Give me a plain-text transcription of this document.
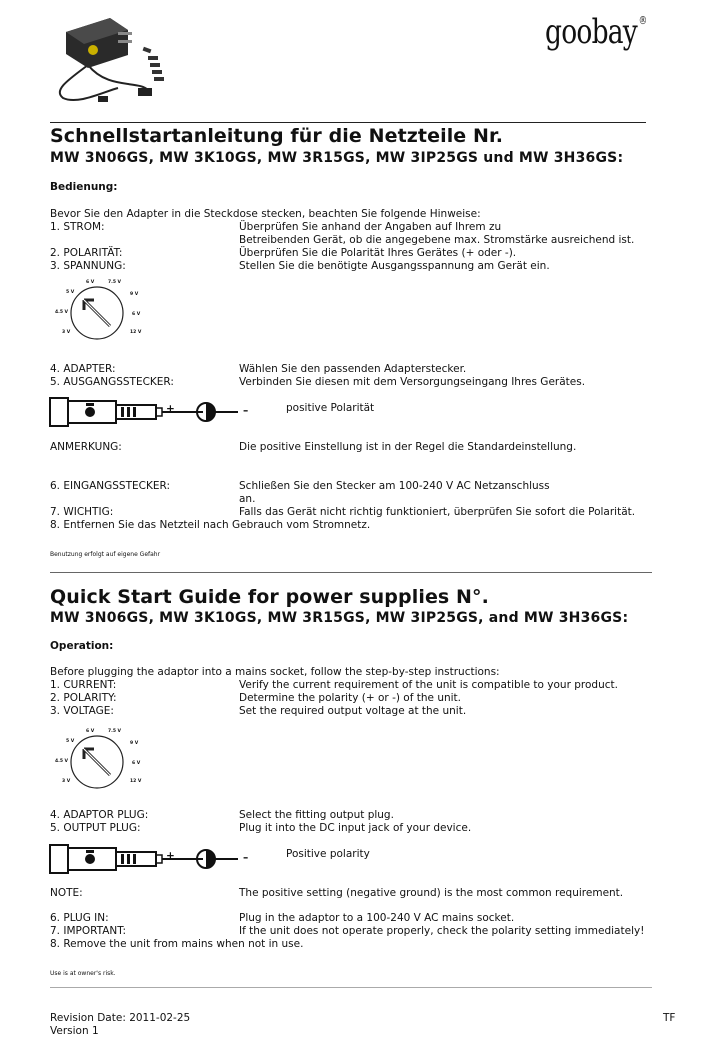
goobay ®
Schnellstartanleitung für die Netzteile Nr.
MW 3N06GS, MW 3K10GS, MW 3R15GS, MW 3IP25GS und MW 3H36GS:
Bedienung:
Bevor Sie den Adapter in die Steckdose stecken, beachten Sie folgende Hinweise:
1. STROM:	Überprüfen Sie anhand der Angaben auf Ihrem zu
Betreibenden Gerät, ob die angegebene max. Stromstärke ausreichend ist.
2. POLARITÄT:	Überprüfen Sie die Polarität Ihres Gerätes (+ oder -).
3. SPANNUNG:	Stellen Sie die benötigte Ausgangsspannung am Gerät ein.
6 V	7.5 V
5 V	9 V
4.5 V	6 V
3 V	12 V
4. ADAPTER:	Wählen Sie den passenden Adapterstecker.
5. AUSGANGSSTECKER:	Verbinden Sie diesen mit dem Versorgungseingang Ihres Gerätes.
+	–	positive Polarität
ANMERKUNG:	Die positive Einstellung ist in der Regel die Standardeinstellung.
6. EINGANGSSTECKER:	Schließen Sie den Stecker am 100-240 V AC Netzanschluss
an.
7. WICHTIG:	Falls das Gerät nicht richtig funktioniert, überprüfen Sie sofort die Polarität.
8. Entfernen Sie das Netzteil nach Gebrauch vom Stromnetz.
Benutzung erfolgt auf eigene Gefahr
Quick Start Guide for power supplies N°.
MW 3N06GS, MW 3K10GS, MW 3R15GS, MW 3IP25GS, and MW 3H36GS:
Operation:
Before plugging the adaptor into a mains socket, follow the step-by-step instructions:
1. CURRENT:	Verify the current requirement of the unit is compatible to your product.
2. POLARITY:	Determine the polarity (+ or -) of the unit.
3. VOLTAGE:	Set the required output voltage at the unit.
6 V	7.5 V
5 V	9 V
4.5 V	6 V
3 V	12 V
4. ADAPTOR PLUG:	Select the fitting output plug.
5. OUTPUT PLUG:	Plug it into the DC input jack of your device.
+	–	Positive polarity
NOTE:	The positive setting (negative ground) is the most common requirement.
6. PLUG IN:	Plug in the adaptor to a 100-240 V AC mains socket.
7. IMPORTANT:	If the unit does not operate properly, check the polarity setting immediately!
8. Remove the unit from mains when not in use.
Use is at owner's risk.
Revision Date: 2011-02-25
Version 1
TF
